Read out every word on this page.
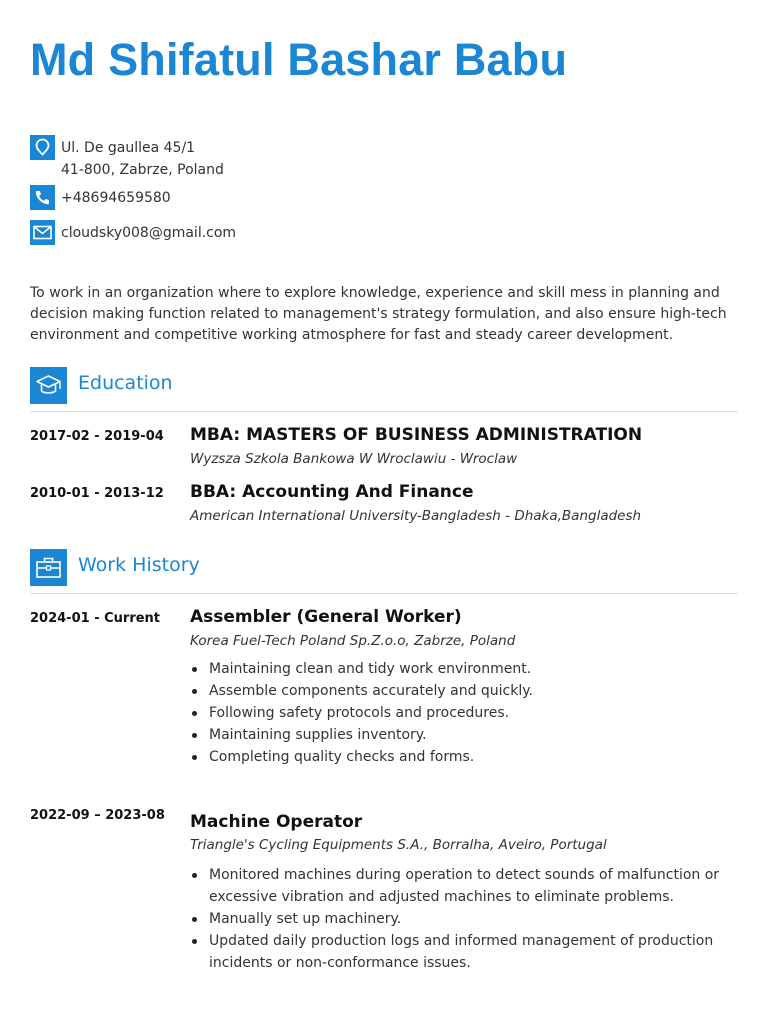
Md Shifatul Bashar Babu
Ul. De gaullea 45/1
41-800, Zabrze, Poland
+48694659580
cloudsky008@gmail.com
To work in an organization where to explore knowledge, experience and skill mess in planning and decision making function related to management's strategy formulation, and also ensure high-tech environment and competitive working atmosphere for fast and steady career development.
Education
2017-02 - 2019-04 MBA: MASTERS OF BUSINESS ADMINISTRATION
Wyzsza Szkola Bankowa W Wroclawiu - Wroclaw
2010-01 - 2013-12 BBA: Accounting And Finance
American International University-Bangladesh - Dhaka,Bangladesh
Work History
2024-01 - Current Assembler (General Worker)
Korea Fuel-Tech Poland Sp.Z.o.o, Zabrze, Poland
Maintaining clean and tidy work environment.
Assemble components accurately and quickly.
Following safety protocols and procedures.
Maintaining supplies inventory.
Completing quality checks and forms.
2022-09 – 2023-08 Machine Operator
Triangle's Cycling Equipments S.A., Borralha, Aveiro, Portugal
Monitored machines during operation to detect sounds of malfunction or excessive vibration and adjusted machines to eliminate problems.
Manually set up machinery.
Updated daily production logs and informed management of production incidents or non-conformance issues.
